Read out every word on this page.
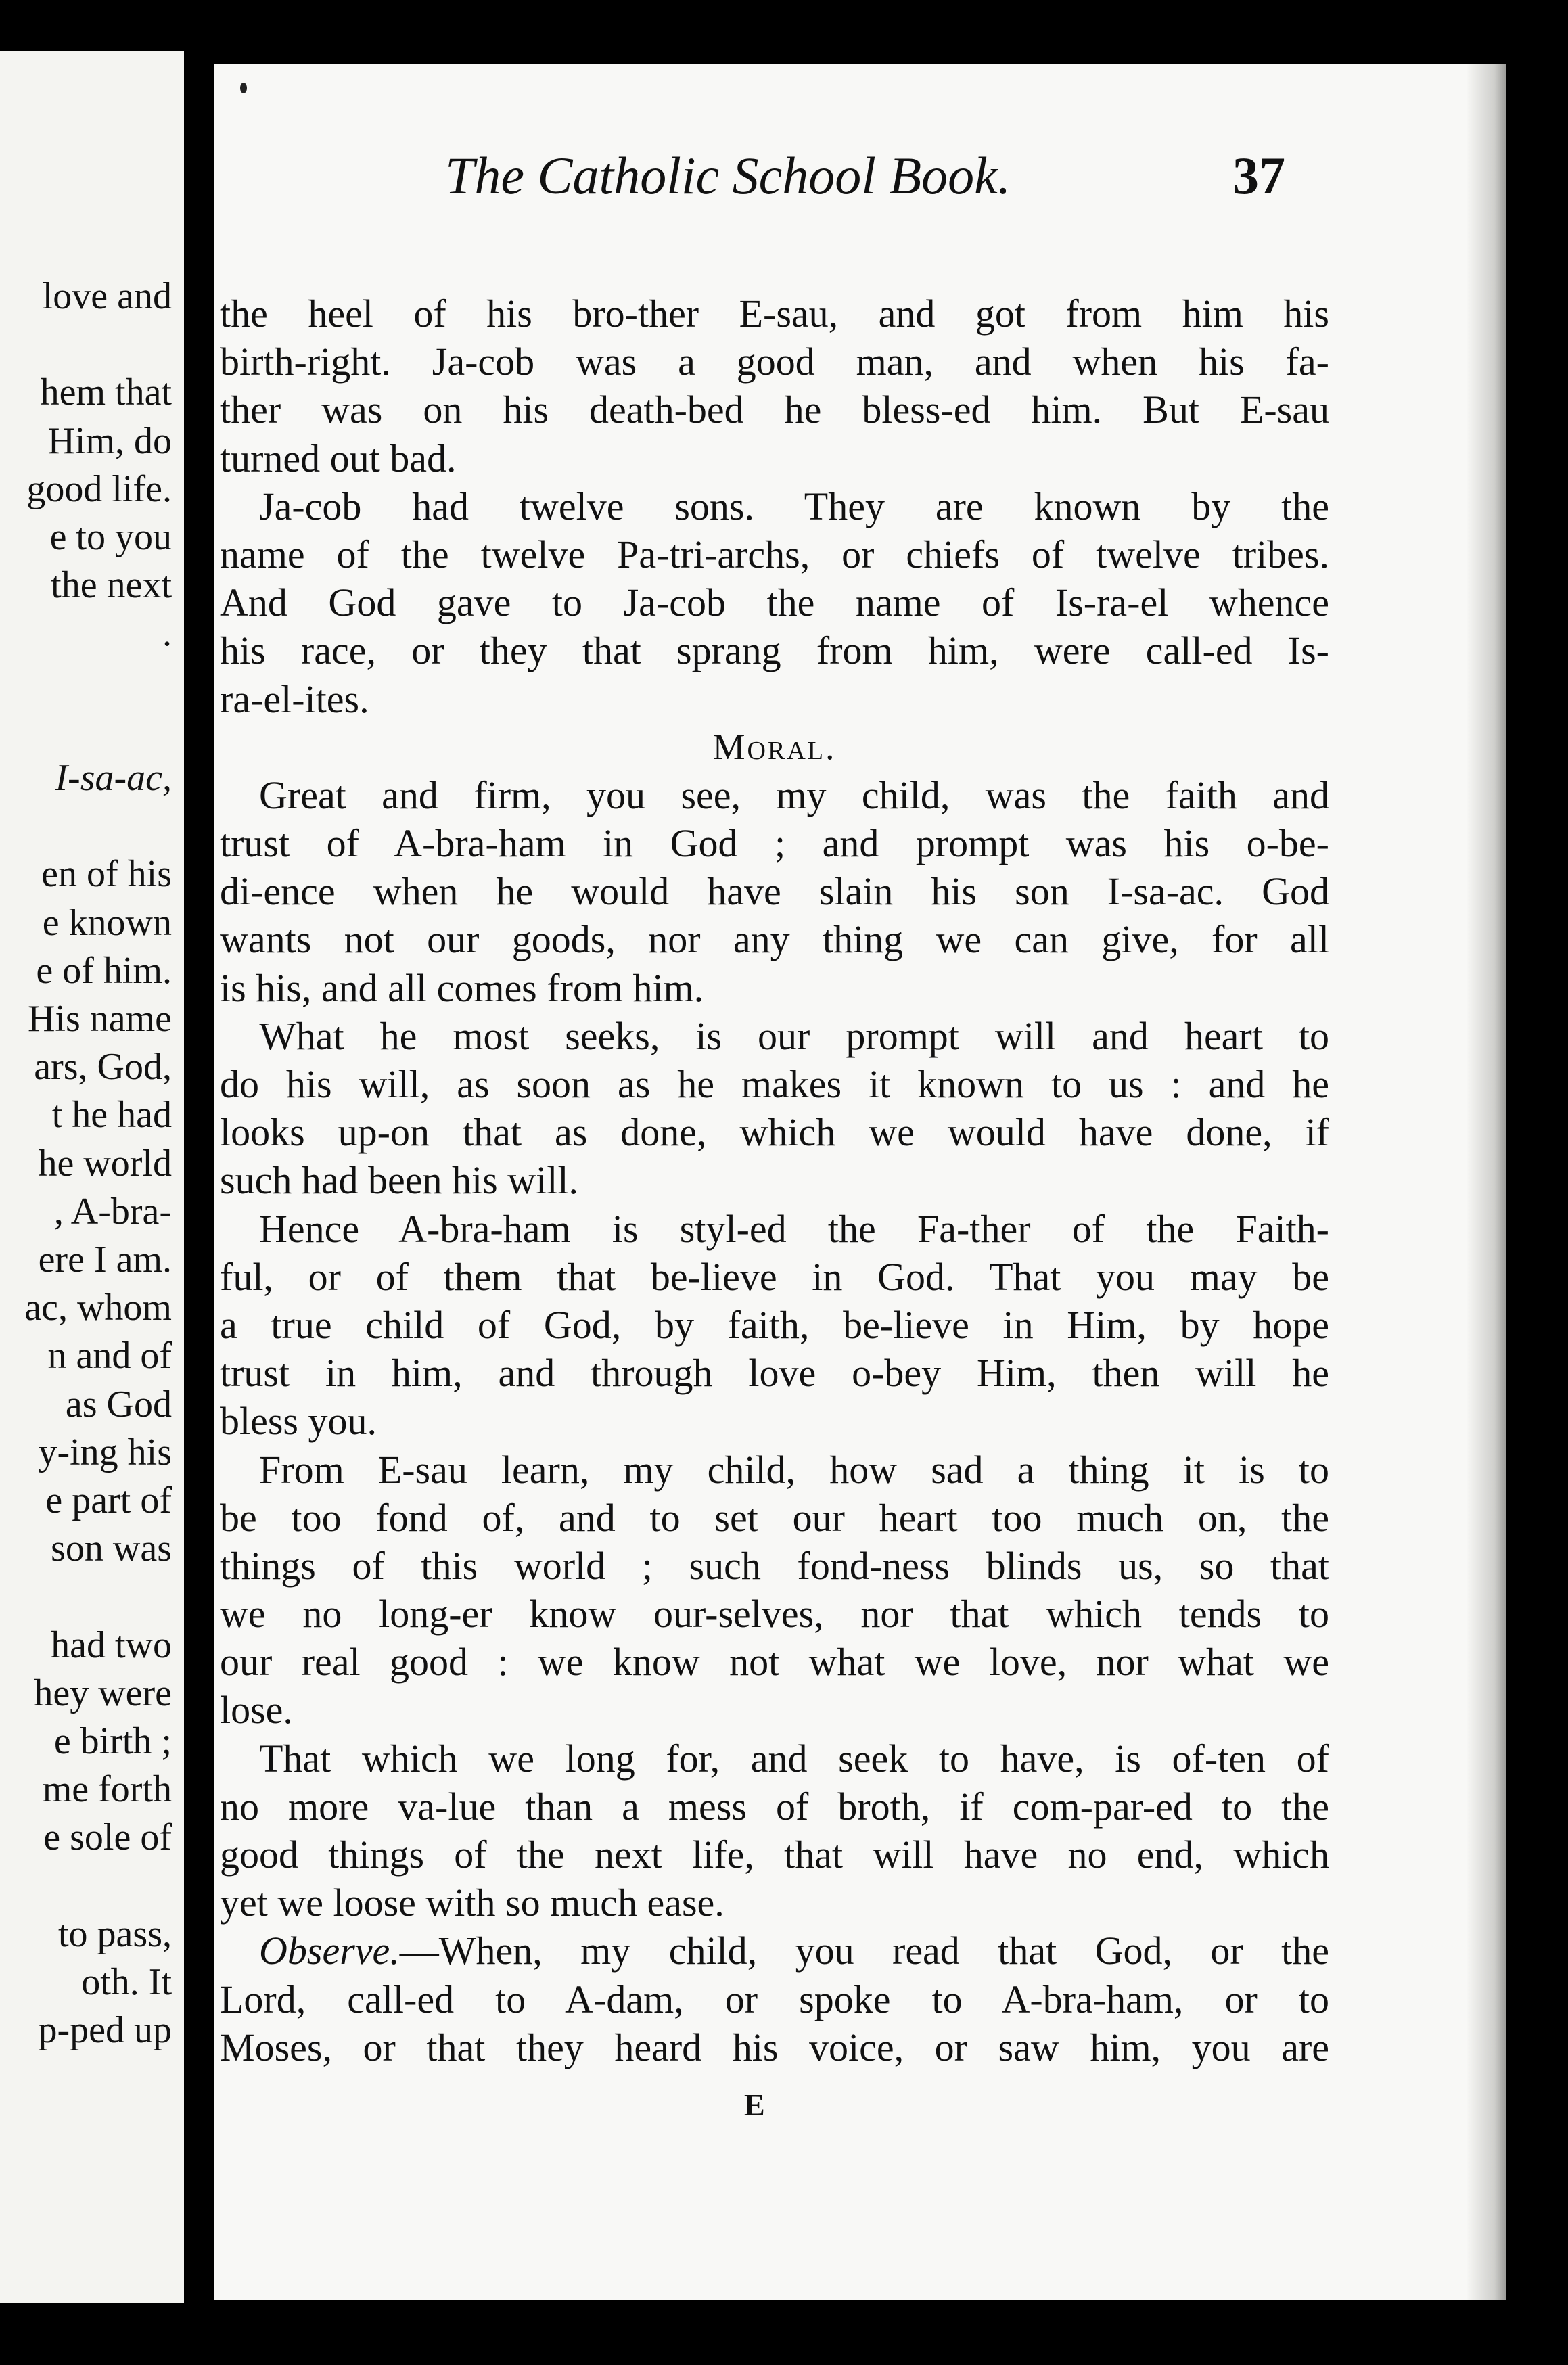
love and
hem that
Him, do
good life.
e to you
the next
.
I-sa-ac,
en of his
e known
e of him.
His name
ars, God,
t he had
he world
, A-bra-
ere I am.
ac, whom
n and of
as God
y-ing his
e part of
son was
had two
hey were
e birth ;
me forth
e sole of
to pass,
oth. It
p-ped up
The Catholic School Book.	37
the heel of his bro-ther E-sau, and got from him his
birth-right. Ja-cob was a good man, and when his fa-
ther was on his death-bed he bless-ed him. But E-sau
turned out bad.
Ja-cob had twelve sons. They are known by the
name of the twelve Pa-tri-archs, or chiefs of twelve tribes.
And God gave to Ja-cob the name of Is-ra-el whence
his race, or they that sprang from him, were call-ed Is-
ra-el-ites.
Moral.
Great and firm, you see, my child, was the faith and
trust of A-bra-ham in God ; and prompt was his o-be-
di-ence when he would have slain his son I-sa-ac. God
wants not our goods, nor any thing we can give, for all
is his, and all comes from him.
What he most seeks, is our prompt will and heart to
do his will, as soon as he makes it known to us : and he
looks up-on that as done, which we would have done, if
such had been his will.
Hence A-bra-ham is styl-ed the Fa-ther of the Faith-
ful, or of them that be-lieve in God. That you may be
a true child of God, by faith, be-lieve in Him, by hope
trust in him, and through love o-bey Him, then will he
bless you.
From E-sau learn, my child, how sad a thing it is to
be too fond of, and to set our heart too much on, the
things of this world ; such fond-ness blinds us, so that
we no long-er know our-selves, nor that which tends to
our real good : we know not what we love, nor what we
lose.
That which we long for, and seek to have, is of-ten of
no more va-lue than a mess of broth, if com-par-ed to the
good things of the next life, that will have no end, which
yet we loose with so much ease.
Observe.—When, my child, you read that God, or the
Lord, call-ed to A-dam, or spoke to A-bra-ham, or to
Moses, or that they heard his voice, or saw him, you are
E
